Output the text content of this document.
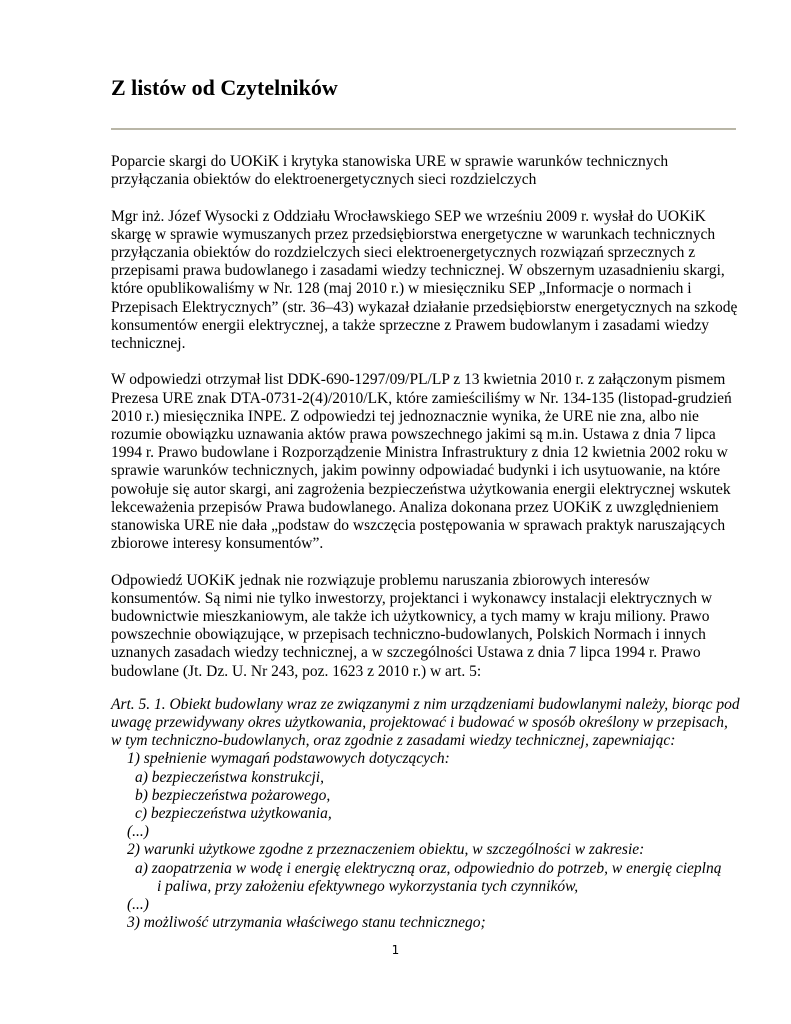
Z listów od Czytelników

Poparcie skargi do UOKiK i krytyka stanowiska URE w sprawie warunków technicznych przyłączania obiektów do elektroenergetycznych sieci rozdzielczych

Mgr inż. Józef Wysocki z Oddziału Wrocławskiego SEP we wrześniu 2009 r. wysłał do UOKiK skargę w sprawie wymuszanych przez przedsiębiorstwa energetyczne w warunkach technicznych przyłączania obiektów do rozdzielczych sieci elektroenergetycznych rozwiązań sprzecznych z przepisami prawa budowlanego i zasadami wiedzy technicznej. W obszernym uzasadnieniu skargi, które opublikowaliśmy w Nr. 128 (maj 2010 r.) w miesięczniku SEP „Informacje o normach i Przepisach Elektrycznych” (str. 36–43) wykazał działanie przedsiębiorstw energetycznych na szkodę konsumentów energii elektrycznej, a także sprzeczne z Prawem budowlanym i zasadami wiedzy technicznej.

W odpowiedzi otrzymał list DDK-690-1297/09/PL/LP z 13 kwietnia 2010 r. z załączonym pismem Prezesa URE znak DTA-0731-2(4)/2010/LK, które zamieściliśmy w Nr. 134-135 (listopad-grudzień 2010 r.) miesięcznika INPE. Z odpowiedzi tej jednoznacznie wynika, że URE nie zna, albo nie rozumie obowiązku uznawania aktów prawa powszechnego jakimi są m.in. Ustawa z dnia 7 lipca 1994 r. Prawo budowlane i Rozporządzenie Ministra Infrastruktury z dnia 12 kwietnia 2002 roku w sprawie warunków technicznych, jakim powinny odpowiadać budynki i ich usytuowanie, na które powołuje się autor skargi, ani zagrożenia bezpieczeństwa użytkowania energii elektrycznej wskutek lekceważenia przepisów Prawa budowlanego. Analiza dokonana przez UOKiK z uwzględnieniem stanowiska URE nie dała „podstaw do wszczęcia postępowania w sprawach praktyk naruszających zbiorowe interesy konsumentów”.

Odpowiedź UOKiK jednak nie rozwiązuje problemu naruszania zbiorowych interesów konsumentów. Są nimi nie tylko inwestorzy, projektanci i wykonawcy instalacji elektrycznych w budownictwie mieszkaniowym, ale także ich użytkownicy, a tych mamy w kraju miliony. Prawo powszechnie obowiązujące, w przepisach techniczno-budowlanych, Polskich Normach i innych uznanych zasadach wiedzy technicznej, a w szczególności Ustawa z dnia 7 lipca 1994 r. Prawo budowlane (Jt. Dz. U. Nr 243, poz. 1623 z 2010 r.) w art. 5:

Art. 5. 1. Obiekt budowlany wraz ze związanymi z nim urządzeniami budowlanymi należy, biorąc pod uwagę przewidywany okres użytkowania, projektować i budować w sposób określony w przepisach, w tym techniczno-budowlanych, oraz zgodnie z zasadami wiedzy technicznej, zapewniając:
1) spełnienie wymagań podstawowych dotyczących:
a) bezpieczeństwa konstrukcji,
b) bezpieczeństwa pożarowego,
c) bezpieczeństwa użytkowania,
(...)
2) warunki użytkowe zgodne z przeznaczeniem obiektu, w szczególności w zakresie:
a) zaopatrzenia w wodę i energię elektryczną oraz, odpowiednio do potrzeb, w energię cieplną
i paliwa, przy założeniu efektywnego wykorzystania tych czynników,
(...)
3) możliwość utrzymania właściwego stanu technicznego;
1
